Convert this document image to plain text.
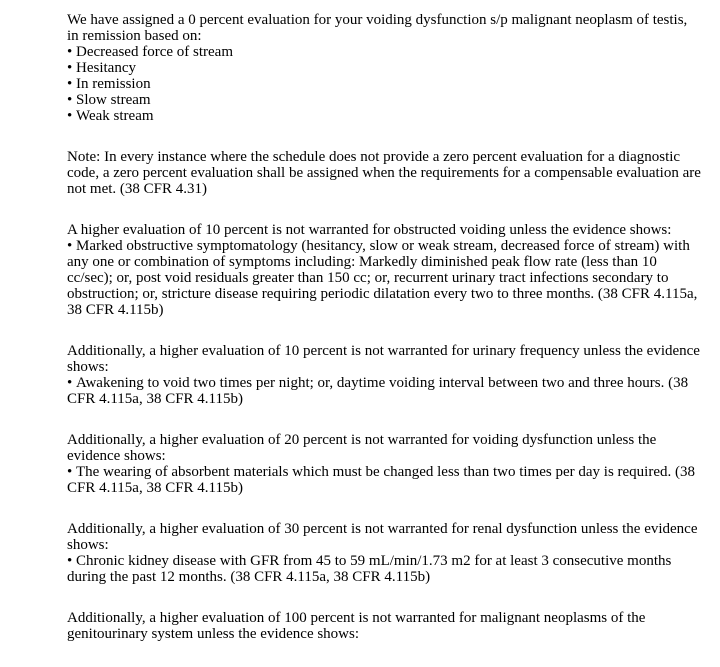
We have assigned a 0 percent evaluation for your voiding dysfunction s/p malignant neoplasm of testis, in remission based on:

• Decreased force of stream
• Hesitancy
• In remission
• Slow stream
• Weak stream

Note: In every instance where the schedule does not provide a zero percent evaluation for a diagnostic code, a zero percent evaluation shall be assigned when the requirements for a compensable evaluation are not met. (38 CFR 4.31)

A higher evaluation of 10 percent is not warranted for obstructed voiding unless the evidence shows:

• Marked obstructive symptomatology (hesitancy, slow or weak stream, decreased force of stream) with any one or combination of symptoms including: Markedly diminished peak flow rate (less than 10 cc/sec); or, post void residuals greater than 150 cc; or, recurrent urinary tract infections secondary to obstruction; or, stricture disease requiring periodic dilatation every two to three months. (38 CFR 4.115a, 38 CFR 4.115b)

Additionally, a higher evaluation of 10 percent is not warranted for urinary frequency unless the evidence shows:

• Awakening to void two times per night; or, daytime voiding interval between two and three hours. (38 CFR 4.115a, 38 CFR 4.115b)

Additionally, a higher evaluation of 20 percent is not warranted for voiding dysfunction unless the evidence shows:

• The wearing of absorbent materials which must be changed less than two times per day is required. (38 CFR 4.115a, 38 CFR 4.115b)

Additionally, a higher evaluation of 30 percent is not warranted for renal dysfunction unless the evidence shows:

• Chronic kidney disease with GFR from 45 to 59 mL/min/1.73 m2 for at least 3 consecutive months during the past 12 months. (38 CFR 4.115a, 38 CFR 4.115b)

Additionally, a higher evaluation of 100 percent is not warranted for malignant neoplasms of the genitourinary system unless the evidence shows:
